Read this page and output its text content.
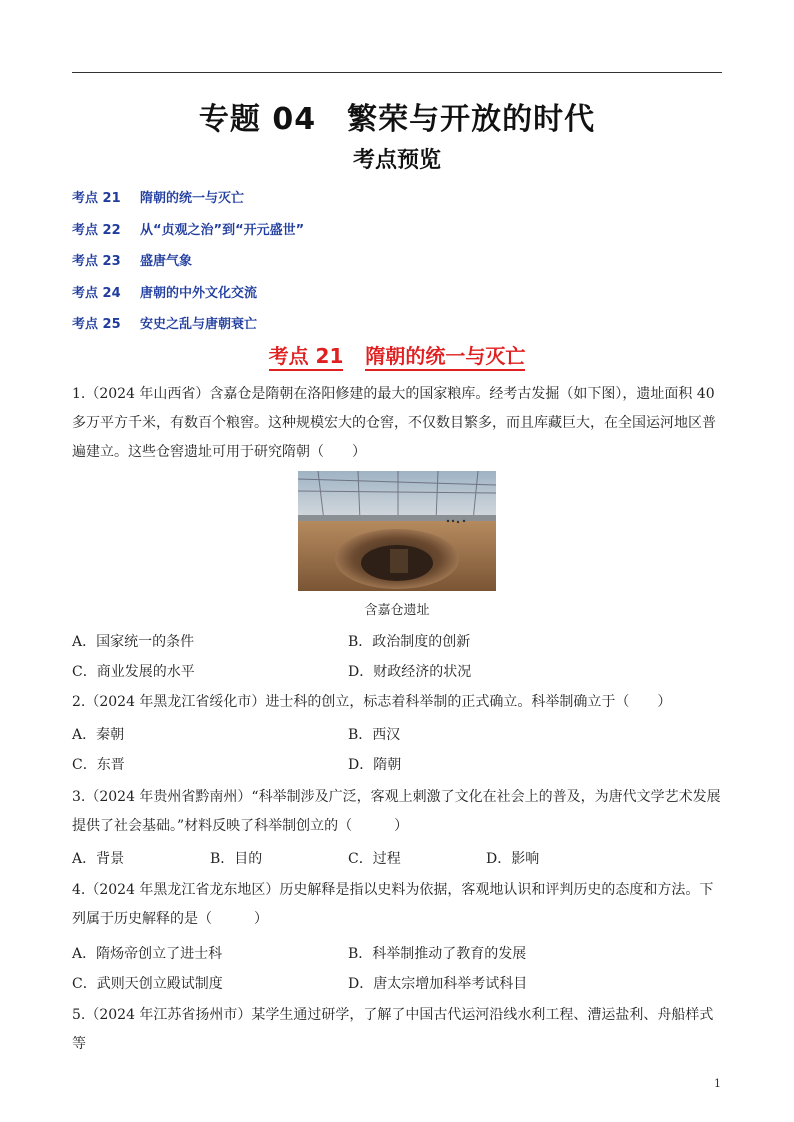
专题 04　繁荣与开放的时代
考点预览
考点 21	隋朝的统一与灭亡
考点 22	从“贞观之治”到“开元盛世”
考点 23	盛唐气象
考点 24	唐朝的中外文化交流
考点 25	安史之乱与唐朝衰亡
考点 21 隋朝的统一与灭亡
1.（2024 年山西省）含嘉仓是隋朝在洛阳修建的最大的国家粮库。经考古发掘（如下图），遗址面积 40 多万平方千米，有数百个粮窖。这种规模宏大的仓窖，不仅数目繁多，而且库藏巨大，在全国运河地区普遍建立。这些仓窖遗址可用于研究隋朝（　　）
含嘉仓遗址
A．国家统一的条件	B．政治制度的创新
C．商业发展的水平	D．财政经济的状况
2.（2024 年黑龙江省绥化市）进士科的创立，标志着科举制的正式确立。科举制确立于（　　）
A．秦朝	B．西汉
C．东晋	D．隋朝
3.（2024 年贵州省黔南州）“科举制涉及广泛，客观上刺激了文化在社会上的普及，为唐代文学艺术发展提供了社会基础。”材料反映了科举制创立的（　　　）
A．背景	B．目的	C．过程	D．影响
4.（2024 年黑龙江省龙东地区）历史解释是指以史料为依据，客观地认识和评判历史的态度和方法。下列属于历史解释的是（　　　）
A．隋炀帝创立了进士科	B．科举制推动了教育的发展
C．武则天创立殿试制度	D．唐太宗增加科举考试科目
5.（2024 年江苏省扬州市）某学生通过研学，了解了中国古代运河沿线水利工程、漕运盐利、舟船样式等
1
